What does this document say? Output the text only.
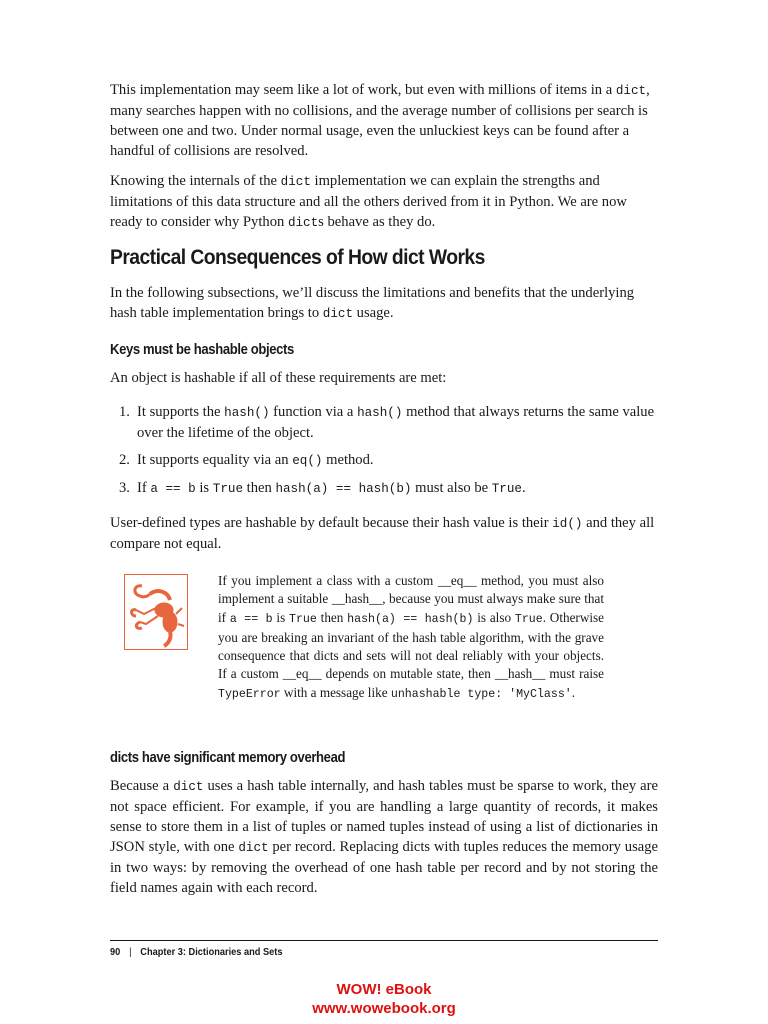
This implementation may seem like a lot of work, but even with millions of items in a dict, many searches happen with no collisions, and the average number of collisions per search is between one and two. Under normal usage, even the unluckiest keys can be found after a handful of collisions are resolved.

Knowing the internals of the dict implementation we can explain the strengths and limitations of this data structure and all the others derived from it in Python. We are now ready to consider why Python dicts behave as they do.

Practical Consequences of How dict Works

In the following subsections, we’ll discuss the limitations and benefits that the underlying hash table implementation brings to dict usage.

Keys must be hashable objects

An object is hashable if all of these requirements are met:

1. It supports the hash() function via a hash() method that always returns the same value over the lifetime of the object.
2. It supports equality via an eq() method.
3. If a == b is True then hash(a) == hash(b) must also be True.

User-defined types are hashable by default because their hash value is their id() and they all compare not equal.

If you implement a class with a custom __eq__ method, you must also implement a suitable __hash__, because you must always make sure that if a == b is True then hash(a) == hash(b) is also True. Otherwise you are breaking an invariant of the hash table algorithm, with the grave consequence that dicts and sets will not deal reliably with your objects. If a custom __eq__ depends on mutable state, then __hash__ must raise TypeError with a message like unhashable type: 'MyClass'.

dicts have significant memory overhead

Because a dict uses a hash table internally, and hash tables must be sparse to work, they are not space efficient. For example, if you are handling a large quantity of records, it makes sense to store them in a list of tuples or named tuples instead of using a list of dictionaries in JSON style, with one dict per record. Replacing dicts with tuples reduces the memory usage in two ways: by removing the overhead of one hash table per record and by not storing the field names again with each record.

90 | Chapter 3: Dictionaries and Sets
WOW! eBook
www.wowebook.org
